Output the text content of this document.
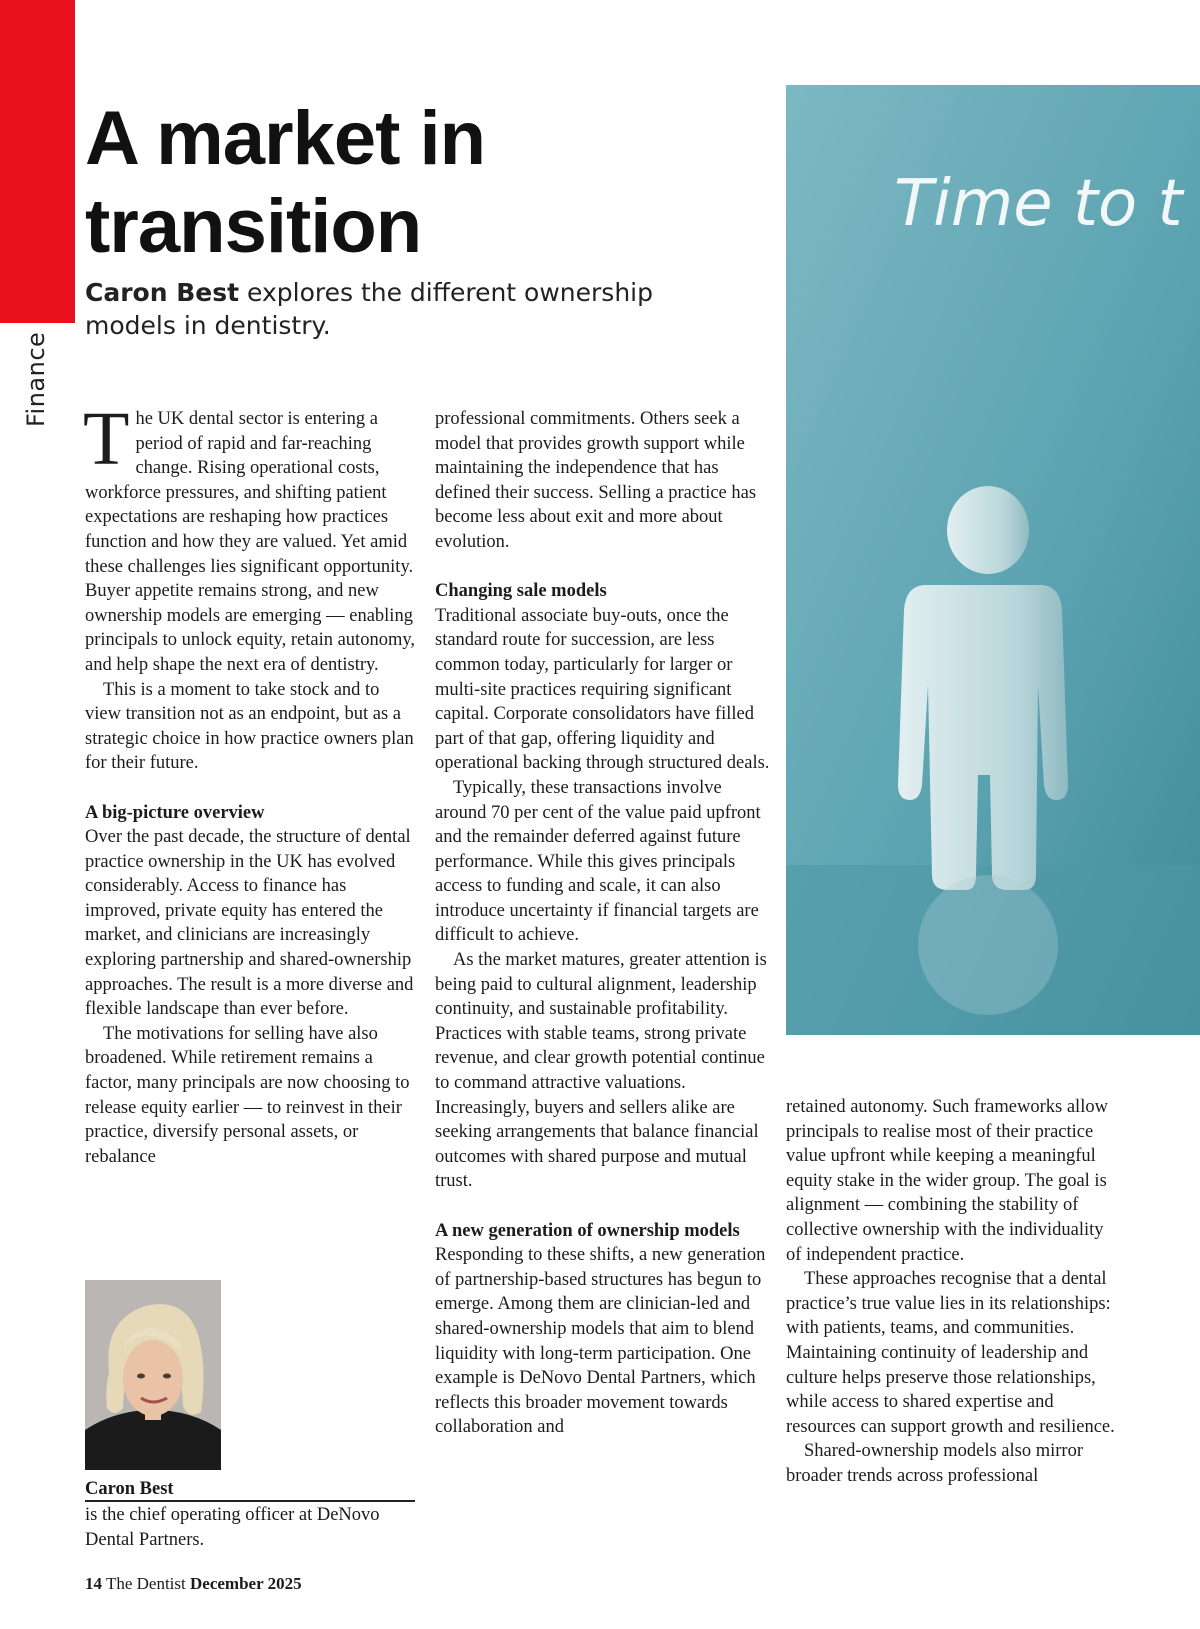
Finance
A market in
transition

Caron Best explores the different ownership models in dentistry.

The UK dental sector is entering a period of rapid and far-reaching change. Rising operational costs, workforce pressures, and shifting patient expectations are reshaping how practices function and how they are valued. Yet amid these challenges lies significant opportunity. Buyer appetite remains strong, and new ownership models are emerging — enabling principals to unlock equity, retain autonomy, and help shape the next era of dentistry.

This is a moment to take stock and to view transition not as an endpoint, but as a strategic choice in how practice owners plan for their future.

A big-picture overview

Over the past decade, the structure of dental practice ownership in the UK has evolved considerably. Access to finance has improved, private equity has entered the market, and clinicians are increasingly exploring partnership and shared-ownership approaches. The result is a more diverse and flexible landscape than ever before.

The motivations for selling have also broadened. While retirement remains a factor, many principals are now choosing to release equity earlier — to reinvest in their practice, diversify personal assets, or rebalance

professional commitments. Others seek a model that provides growth support while maintaining the independence that has defined their success. Selling a practice has become less about exit and more about evolution.

Changing sale models

Traditional associate buy-outs, once the standard route for succession, are less common today, particularly for larger or multi-site practices requiring significant capital. Corporate consolidators have filled part of that gap, offering liquidity and operational backing through structured deals.

Typically, these transactions involve around 70 per cent of the value paid upfront and the remainder deferred against future performance. While this gives principals access to funding and scale, it can also introduce uncertainty if financial targets are difficult to achieve.

As the market matures, greater attention is being paid to cultural alignment, leadership continuity, and sustainable profitability. Practices with stable teams, strong private revenue, and clear growth potential continue to command attractive valuations. Increasingly, buyers and sellers alike are seeking arrangements that balance financial outcomes with shared purpose and mutual trust.

A new generation of ownership models

Responding to these shifts, a new generation of partnership-based structures has begun to emerge. Among them are clinician-led and shared-ownership models that aim to blend liquidity with long-term participation. One example is DeNovo Dental Partners, which reflects this broader movement towards collaboration and

Time to t

retained autonomy. Such frameworks allow principals to realise most of their practice value upfront while keeping a meaningful equity stake in the wider group. The goal is alignment — combining the stability of collective ownership with the individuality of independent practice.

These approaches recognise that a dental practice’s true value lies in its relationships: with patients, teams, and communities. Maintaining continuity of leadership and culture helps preserve those relationships, while access to shared expertise and resources can support growth and resilience.

Shared-ownership models also mirror broader trends across professional

Caron Best
is the chief operating officer at DeNovo Dental Partners.
14 The Dentist December 2025
